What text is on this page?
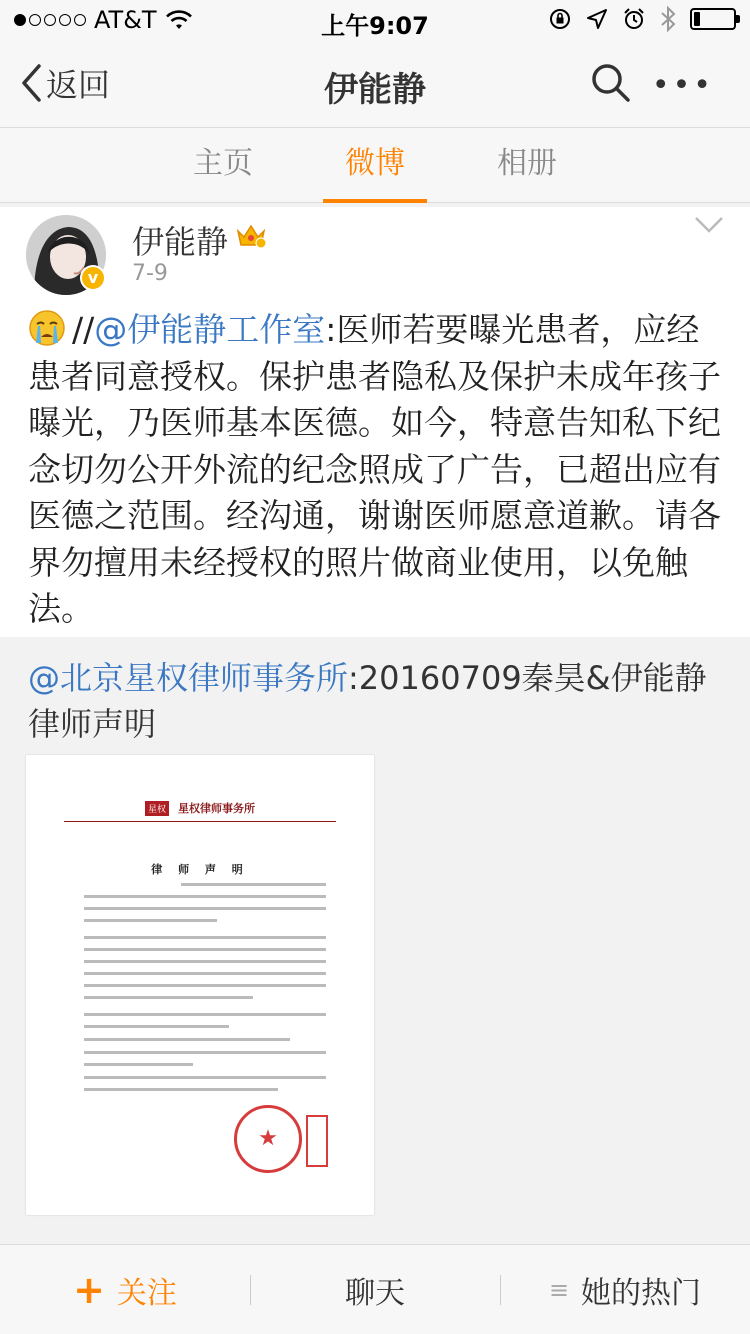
AT&T	上午9:07
返回	伊能静	•••
主页	微博	相册
v
伊能静
7-9
//@伊能静工作室:医师若要曝光患者，应经患者同意授权。保护患者隐私及保护未成年孩子曝光，乃医师基本医德。如今，特意告知私下纪念切勿公开外流的纪念照成了广告，已超出应有医德之范围。经沟通，谢谢医师愿意道歉。请各界勿擅用未经授权的照片做商业使用，以免触法。
@北京星权律师事务所:20160709秦昊&伊能静律师声明
星权 星权律师事务所
律 师 声 明
★
+ 关注	聊天	≡ 她的热门
